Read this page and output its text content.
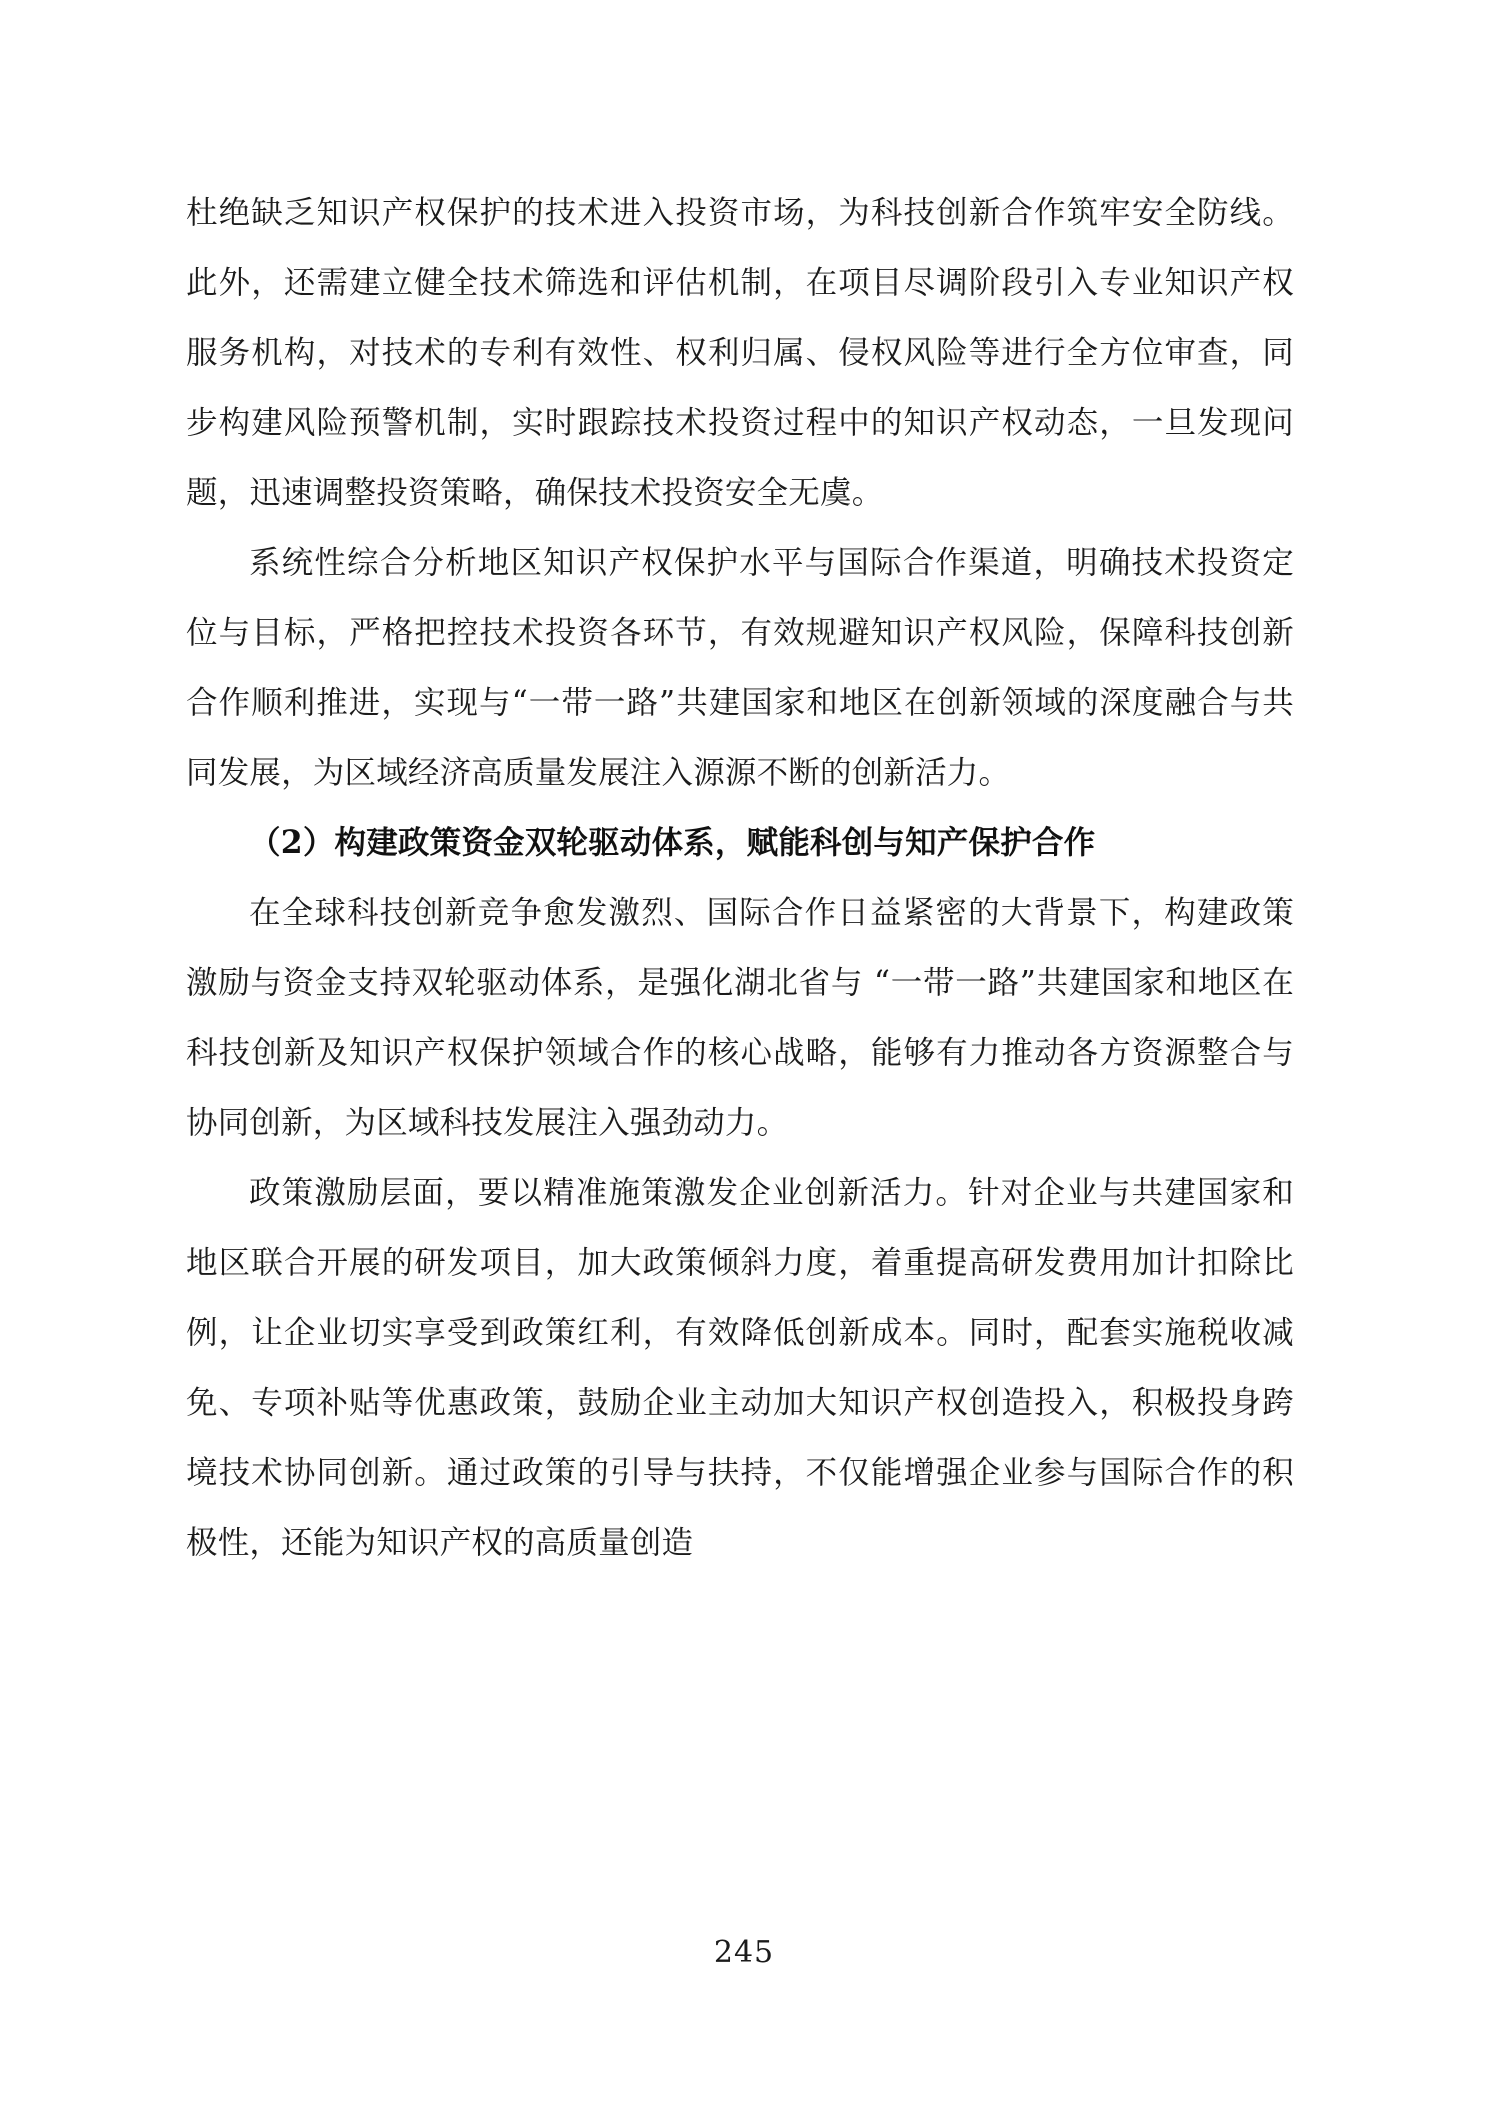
杜绝缺乏知识产权保护的技术进入投资市场，为科技创新合作筑牢安全防线。此外，还需建立健全技术筛选和评估机制，在项目尽调阶段引入专业知识产权服务机构，对技术的专利有效性、权利归属、侵权风险等进行全方位审查，同步构建风险预警机制，实时跟踪技术投资过程中的知识产权动态，一旦发现问题，迅速调整投资策略，确保技术投资安全无虞。

系统性综合分析地区知识产权保护水平与国际合作渠道，明确技术投资定位与目标，严格把控技术投资各环节，有效规避知识产权风险，保障科技创新合作顺利推进，实现与“一带一路”共建国家和地区在创新领域的深度融合与共同发展，为区域经济高质量发展注入源源不断的创新活力。

（2）构建政策资金双轮驱动体系，赋能科创与知产保护合作

在全球科技创新竞争愈发激烈、国际合作日益紧密的大背景下，构建政策激励与资金支持双轮驱动体系，是强化湖北省与 “一带一路”共建国家和地区在科技创新及知识产权保护领域合作的核心战略，能够有力推动各方资源整合与协同创新，为区域科技发展注入强劲动力。

政策激励层面，要以精准施策激发企业创新活力。针对企业与共建国家和地区联合开展的研发项目，加大政策倾斜力度，着重提高研发费用加计扣除比例，让企业切实享受到政策红利，有效降低创新成本。同时，配套实施税收减免、专项补贴等优惠政策，鼓励企业主动加大知识产权创造投入，积极投身跨境技术协同创新。通过政策的引导与扶持，不仅能增强企业参与国际合作的积极性，还能为知识产权的高质量创造

245
